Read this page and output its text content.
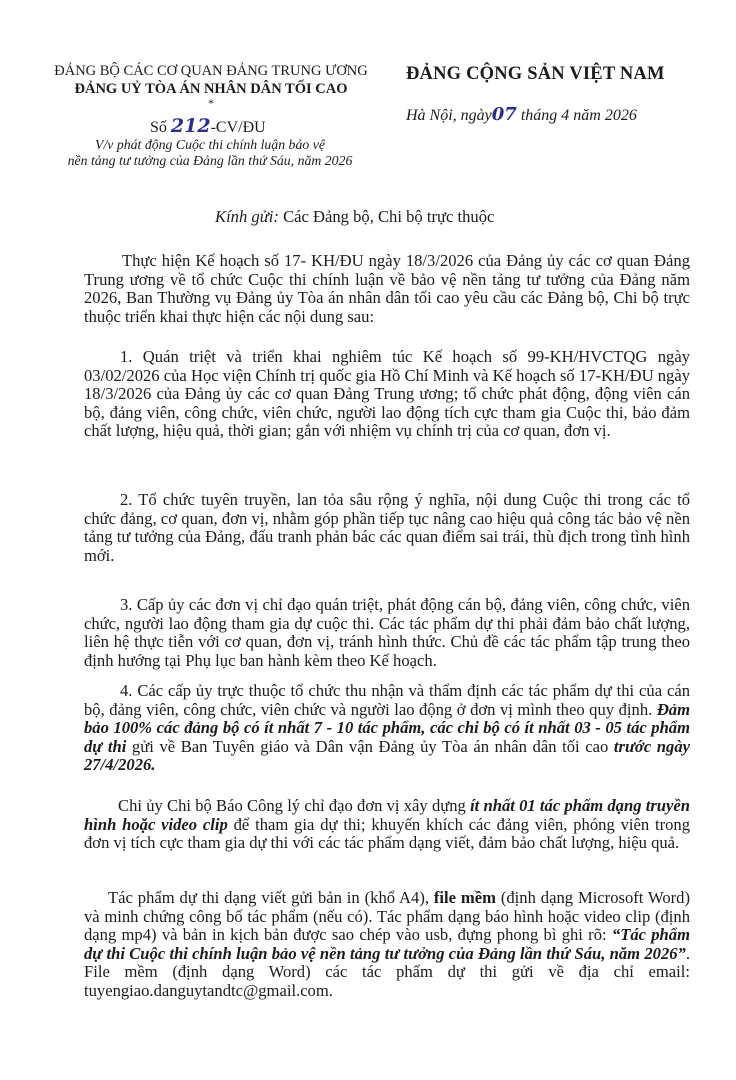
ĐẢNG BỘ CÁC CƠ QUAN ĐẢNG TRUNG ƯƠNG
ĐẢNG UỶ TÒA ÁN NHÂN DÂN TỐI CAO
*
Số 212-CV/ĐU
V/v phát động Cuộc thi chính luận bảo vệ
nền tảng tư tưởng của Đảng lần thứ Sáu, năm 2026
ĐẢNG CỘNG SẢN VIỆT NAM
Hà Nội, ngày07 tháng 4 năm 2026
Kính gửi: Các Đảng bộ, Chi bộ trực thuộc
Thực hiện Kế hoạch số 17- KH/ĐU ngày 18/3/2026 của Đảng ủy các cơ quan Đảng Trung ương về tổ chức Cuộc thi chính luận về bảo vệ nền tảng tư tưởng của Đảng năm 2026, Ban Thường vụ Đảng ủy Tòa án nhân dân tối cao yêu cầu các Đảng bộ, Chi bộ trực thuộc triển khai thực hiện các nội dung sau:
1. Quán triệt và triển khai nghiêm túc Kế hoạch số 99-KH/HVCTQG ngày 03/02/2026 của Học viện Chính trị quốc gia Hồ Chí Minh và Kế hoạch số 17-KH/ĐU ngày 18/3/2026 của Đảng ủy các cơ quan Đảng Trung ương; tổ chức phát động, động viên cán bộ, đảng viên, công chức, viên chức, người lao động tích cực tham gia Cuộc thi, bảo đảm chất lượng, hiệu quả, thời gian; gắn với nhiệm vụ chính trị của cơ quan, đơn vị.
2. Tổ chức tuyên truyền, lan tỏa sâu rộng ý nghĩa, nội dung Cuộc thi trong các tổ chức đảng, cơ quan, đơn vị, nhằm góp phần tiếp tục nâng cao hiệu quả công tác bảo vệ nền tảng tư tưởng của Đảng, đấu tranh phản bác các quan điểm sai trái, thù địch trong tình hình mới.
3. Cấp ủy các đơn vị chỉ đạo quán triệt, phát động cán bộ, đảng viên, công chức, viên chức, người lao động tham gia dự cuộc thi. Các tác phẩm dự thi phải đảm bảo chất lượng, liên hệ thực tiễn với cơ quan, đơn vị, tránh hình thức. Chủ đề các tác phẩm tập trung theo định hướng tại Phụ lục ban hành kèm theo Kế hoạch.
4. Các cấp ủy trực thuộc tổ chức thu nhận và thẩm định các tác phẩm dự thi của cán bộ, đảng viên, công chức, viên chức và người lao động ở đơn vị mình theo quy định. Đảm bảo 100% các đảng bộ có ít nhất 7 - 10 tác phẩm, các chi bộ có ít nhất 03 - 05 tác phẩm dự thi gửi về Ban Tuyên giáo và Dân vận Đảng ủy Tòa án nhân dân tối cao trước ngày 27/4/2026.
Chi ủy Chi bộ Báo Công lý chỉ đạo đơn vị xây dựng ít nhất 01 tác phẩm dạng truyền hình hoặc video clip để tham gia dự thi; khuyến khích các đảng viên, phóng viên trong đơn vị tích cực tham gia dự thi với các tác phẩm dạng viết, đảm bảo chất lượng, hiệu quả.
Tác phẩm dự thi dạng viết gửi bản in (khổ A4), file mềm (định dạng Microsoft Word) và minh chứng công bố tác phẩm (nếu có). Tác phẩm dạng báo hình hoặc video clip (định dạng mp4) và bản in kịch bản được sao chép vào usb, đựng phong bì ghi rõ: “Tác phẩm dự thi Cuộc thi chính luận bảo vệ nền tảng tư tưởng của Đảng lần thứ Sáu, năm 2026”. File mềm (định dạng Word) các tác phẩm dự thi gửi về địa chỉ email: tuyengiao.danguytandtc@gmail.com.
